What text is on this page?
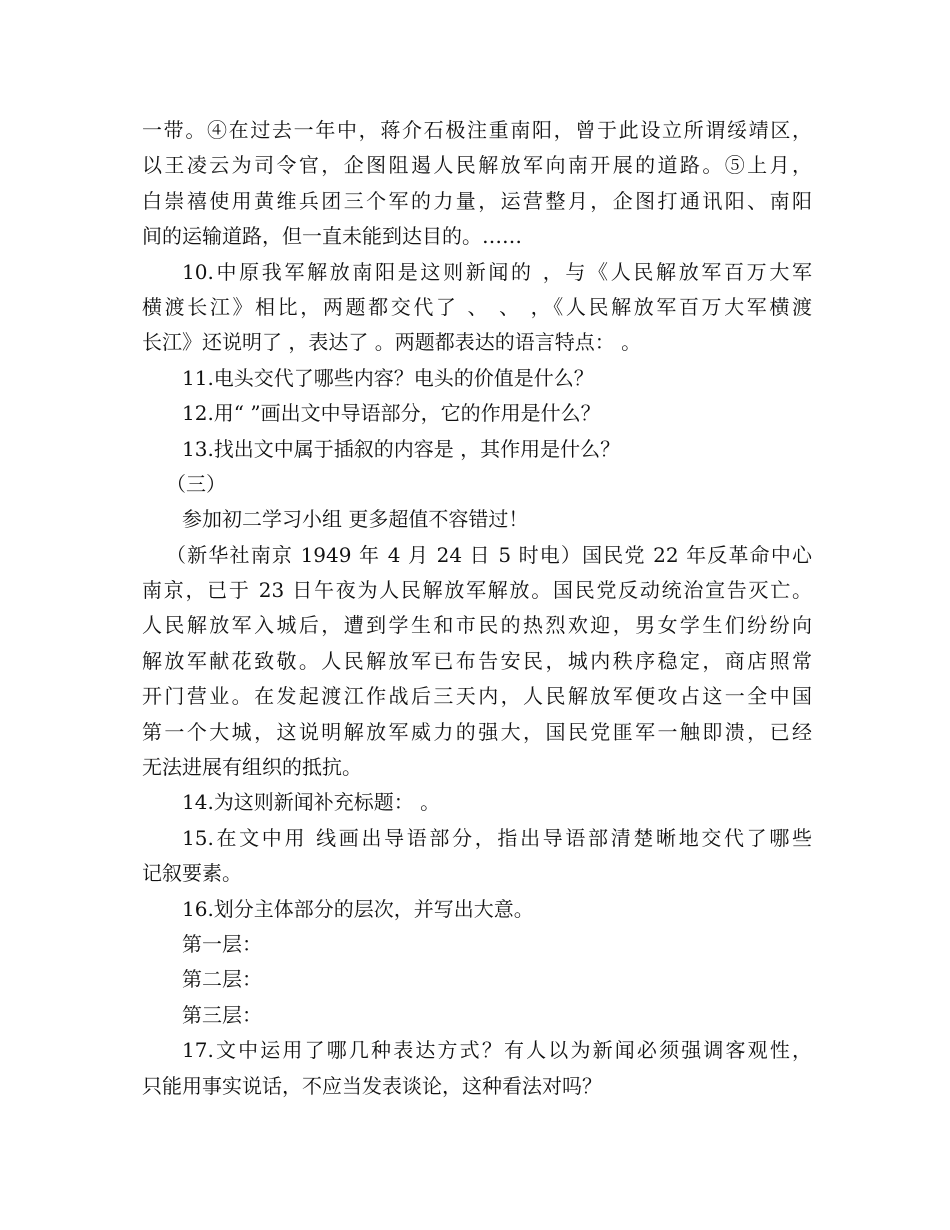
一带。④在过去一年中，蒋介石极注重南阳，曾于此设立所谓绥靖区，
以王凌云为司令官，企图阻遏人民解放军向南开展的道路。⑤上月，
白崇禧使用黄维兵团三个军的力量，运营整月，企图打通讯阳、南阳
间的运输道路，但一直未能到达目的。……
10.中原我军解放南阳是这则新闻的 ，与《人民解放军百万大军
横渡长江》相比，两题都交代了 、 、 ，《人民解放军百万大军横渡
长江》还说明了 ，表达了 。两题都表达的语言特点： 。
11.电头交代了哪些内容？电头的价值是什么？
12.用“ ”画出文中导语部分，它的作用是什么？
13.找出文中属于插叙的内容是 ，其作用是什么？
（三）
参加初二学习小组 更多超值不容错过！
（新华社南京 1949 年 4 月 24 日 5 时电）国民党 22 年反革命中心
南京，已于 23 日午夜为人民解放军解放。国民党反动统治宣告灭亡。
人民解放军入城后，遭到学生和市民的热烈欢迎，男女学生们纷纷向
解放军献花致敬。人民解放军已布告安民，城内秩序稳定，商店照常
开门营业。在发起渡江作战后三天内，人民解放军便攻占这一全中国
第一个大城，这说明解放军威力的强大，国民党匪军一触即溃，已经
无法进展有组织的抵抗。
14.为这则新闻补充标题： 。
15.在文中用 线画出导语部分，指出导语部清楚晰地交代了哪些
记叙要素。
16.划分主体部分的层次，并写出大意。
第一层：
第二层：
第三层：
17.文中运用了哪几种表达方式？有人以为新闻必须强调客观性，
只能用事实说话，不应当发表谈论，这种看法对吗？
